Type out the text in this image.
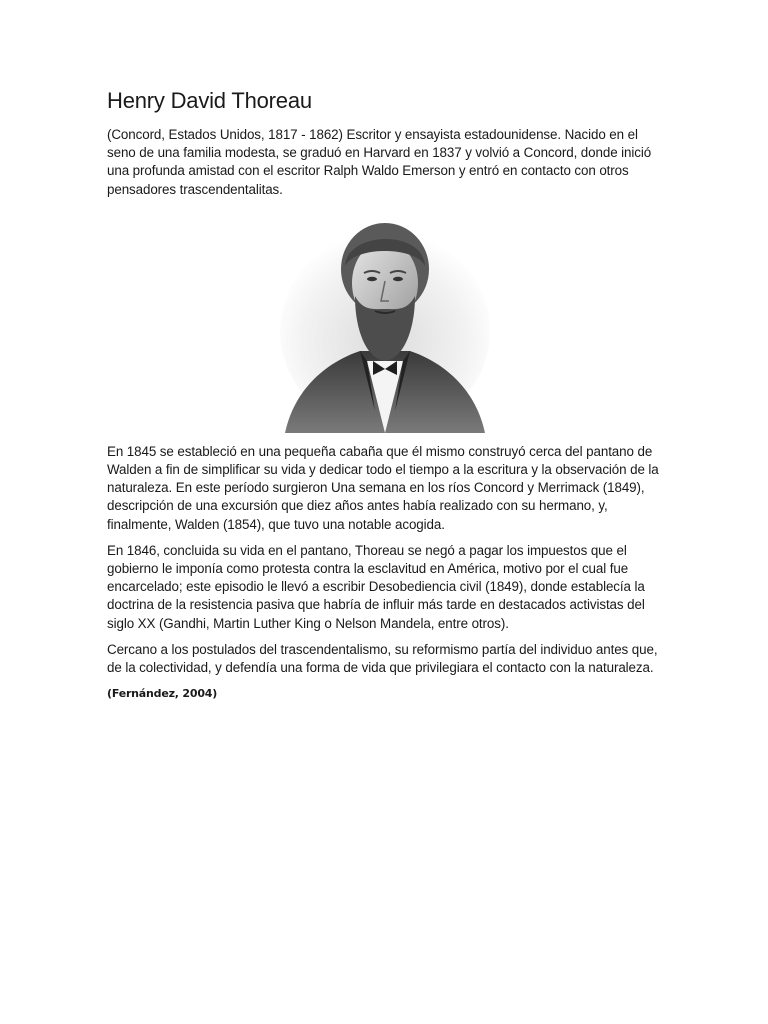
Henry David Thoreau

(Concord, Estados Unidos, 1817 - 1862) Escritor y ensayista estadounidense. Nacido en el seno de una familia modesta, se graduó en Harvard en 1837 y volvió a Concord, donde inició una profunda amistad con el escritor Ralph Waldo Emerson y entró en contacto con otros pensadores trascendentalitas.

En 1845 se estableció en una pequeña cabaña que él mismo construyó cerca del pantano de Walden a fin de simplificar su vida y dedicar todo el tiempo a la escritura y la observación de la naturaleza. En este período surgieron Una semana en los ríos Concord y Merrimack (1849), descripción de una excursión que diez años antes había realizado con su hermano, y, finalmente, Walden (1854), que tuvo una notable acogida.

En 1846, concluida su vida en el pantano, Thoreau se negó a pagar los impuestos que el gobierno le imponía como protesta contra la esclavitud en América, motivo por el cual fue encarcelado; este episodio le llevó a escribir Desobediencia civil (1849), donde establecía la doctrina de la resistencia pasiva que habría de influir más tarde en destacados activistas del siglo XX (Gandhi, Martin Luther King o Nelson Mandela, entre otros).

Cercano a los postulados del trascendentalismo, su reformismo partía del individuo antes que, de la colectividad, y defendía una forma de vida que privilegiara el contacto con la naturaleza.

(Fernández, 2004)
